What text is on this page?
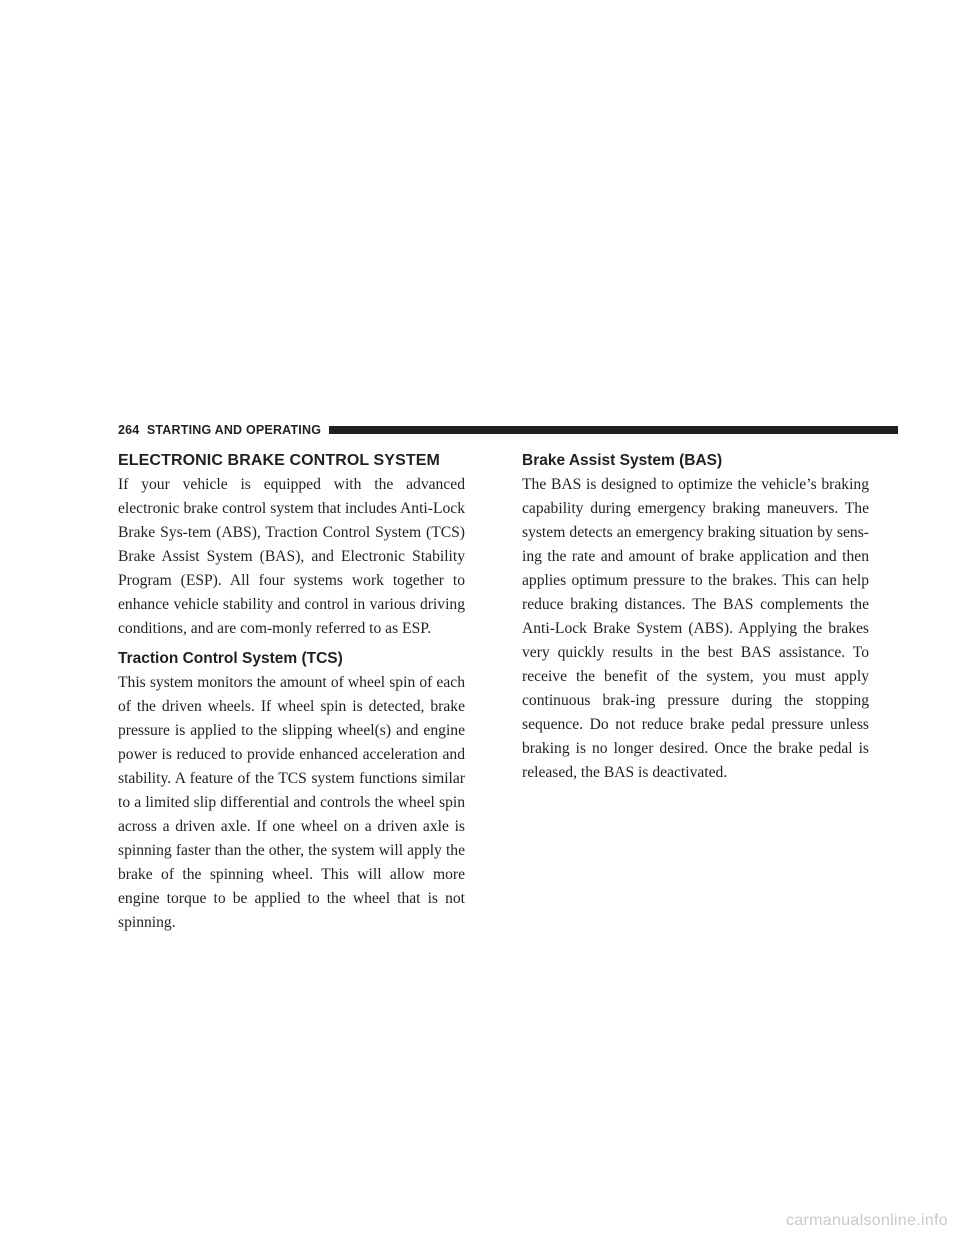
264 STARTING AND OPERATING
ELECTRONIC BRAKE CONTROL SYSTEM

If your vehicle is equipped with the advanced electronic brake control system that includes Anti-Lock Brake Sys-tem (ABS), Traction Control System (TCS) Brake Assist System (BAS), and Electronic Stability Program (ESP). All four systems work together to enhance vehicle stability and control in various driving conditions, and are com-monly referred to as ESP.

Traction Control System (TCS)

This system monitors the amount of wheel spin of each of the driven wheels. If wheel spin is detected, brake pressure is applied to the slipping wheel(s) and engine power is reduced to provide enhanced acceleration and stability. A feature of the TCS system functions similar to a limited slip differential and controls the wheel spin across a driven axle. If one wheel on a driven axle is spinning faster than the other, the system will apply the brake of the spinning wheel. This will allow more engine torque to be applied to the wheel that is not spinning.

Brake Assist System (BAS)

The BAS is designed to optimize the vehicle’s braking capability during emergency braking maneuvers. The system detects an emergency braking situation by sens-ing the rate and amount of brake application and then applies optimum pressure to the brakes. This can help reduce braking distances. The BAS complements the Anti-Lock Brake System (ABS). Applying the brakes very quickly results in the best BAS assistance. To receive the benefit of the system, you must apply continuous brak-ing pressure during the stopping sequence. Do not reduce brake pedal pressure unless braking is no longer desired. Once the brake pedal is released, the BAS is deactivated.

carmanualsonline.info
